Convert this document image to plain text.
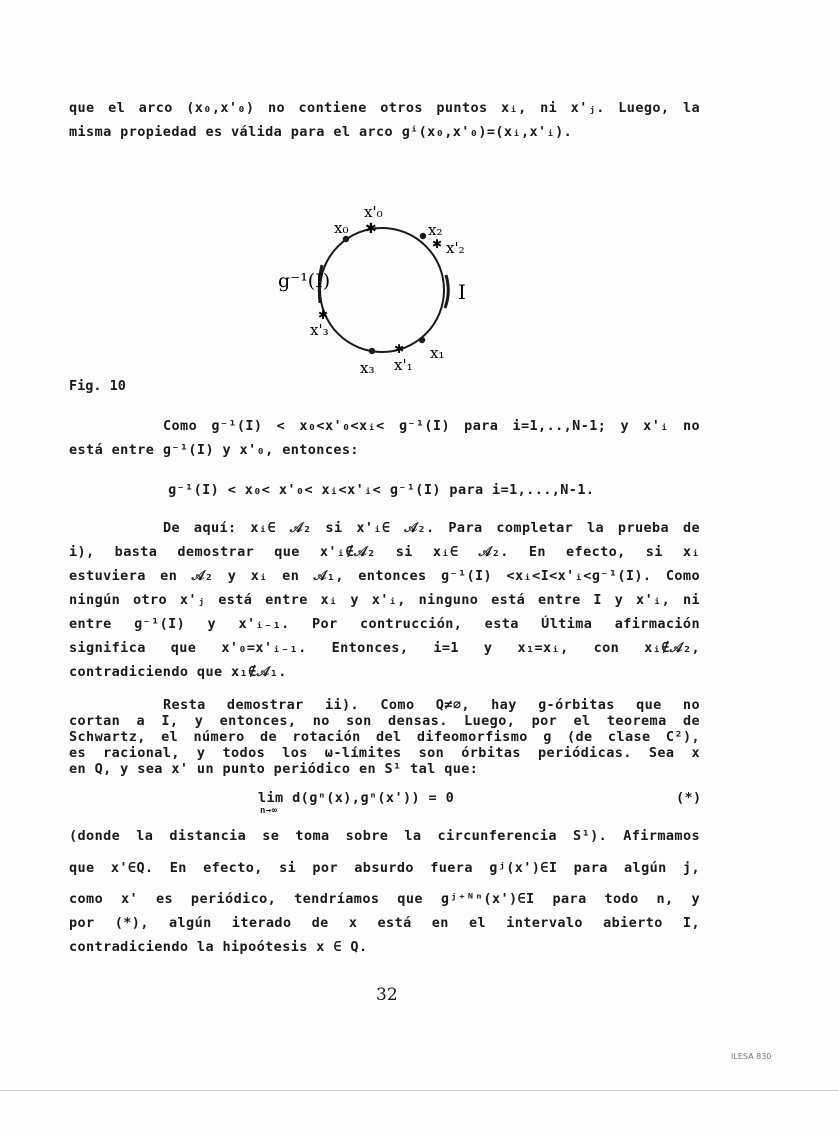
que el arco (x₀,x'₀) no contiene otros puntos xᵢ, ni x'ⱼ. Luego, la
misma propiedad es válida para el arco ɡⁱ(x₀,x'₀)=(xᵢ,x'ᵢ).
✱
✱
✱
✱
x₀
x'₀
x₂
x'₂
g⁻¹(I)	I
x'₃
x₃ x'₁
x₁
Fig. 10
Como ɡ⁻¹(I) < x₀<x'₀<xᵢ< ɡ⁻¹(I) para i=1,..,N-1; y x'ᵢ no
está entre ɡ⁻¹(I) y x'₀, entonces:
ɡ⁻¹(I) < x₀< x'₀< xᵢ<x'ᵢ< ɡ⁻¹(I) para i=1,...,N-1.
De aquí: xᵢ∈ 𝒜₂ si x'ᵢ∈ 𝒜₂. Para completar la prueba de
i), basta demostrar que x'ᵢ∉𝒜₂ si xᵢ∈ 𝒜₂. En efecto, si xᵢ
estuviera en 𝒜₂ y xᵢ en 𝒜₁, entonces ɡ⁻¹(I) <xᵢ<I<x'ᵢ<ɡ⁻¹(I). Como
ningún otro x'ⱼ está entre xᵢ y x'ᵢ, ninguno está entre I y x'ᵢ, ni
entre ɡ⁻¹(I) y x'ᵢ₋₁. Por contrucción, esta Última afirmación
significa que x'₀=x'ᵢ₋₁. Entonces, i=1 y x₁=xᵢ, con xᵢ∉𝒜₂,
contradiciendo que x₁∉𝒜₁.
Resta demostrar ii). Como Q≠∅, hay ɡ-órbitas que no
cortan a I, y entonces, no son densas. Luego, por el teorema de
Schwartz, el número de rotación del difeomorfismo ɡ (de clase C²),
es racional, y todos los ω-límites son órbitas periódicas. Sea x
en Q, y sea x' un punto periódico en S¹ tal que:
lim d(ɡⁿ(x),ɡⁿ(x')) = 0
n→∞
(*)
(donde la distancia se toma sobre la circunferencia S¹). Afirmamos
que x'∈Q. En efecto, si por absurdo fuera ɡʲ(x')∈I para algún j,
como x' es periódico, tendríamos que ɡʲ⁺ᴺⁿ(x')∈I para todo n, y
por (*), algún iterado de x está en el intervalo abierto I,
contradiciendo la hipoótesis x ∈ Q.
32
ILESA 830
